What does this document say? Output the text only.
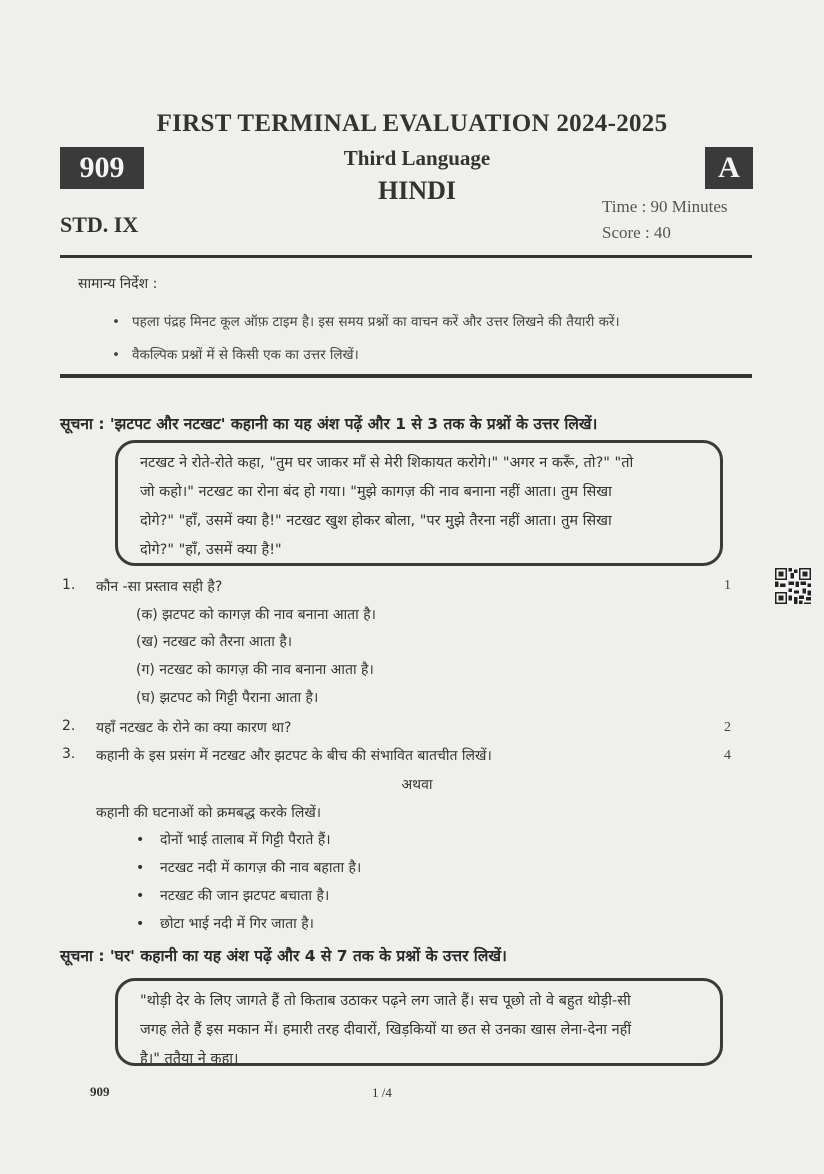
FIRST TERMINAL EVALUATION 2024-2025
909	A
Third Language
HINDI
STD. IX
Time : 90 Minutes
Score : 40
सामान्य निर्देश :
• पहला पंद्रह मिनट कूल ऑफ़ टाइम है। इस समय प्रश्नों का वाचन करें और उत्तर लिखने की तैयारी करें।
• वैकल्पिक प्रश्नों में से किसी एक का उत्तर लिखें।
सूचना : 'झटपट और नटखट' कहानी का यह अंश पढ़ें और 1 से 3 तक के प्रश्नों के उत्तर लिखें।
नटखट ने रोते-रोते कहा, "तुम घर जाकर माँ से मेरी शिकायत करोगे।" "अगर न करूँ, तो?" "तो
जो कहो।" नटखट का रोना बंद हो गया। "मुझे कागज़ की नाव बनाना नहीं आता। तुम सिखा
दोगे?" "हाँ, उसमें क्या है!" नटखट खुश होकर बोला, "पर मुझे तैरना नहीं आता। तुम सिखा
दोगे?" "हाँ, उसमें क्या है!"
1. कौन -सा प्रस्ताव सही है?	1
(क) झटपट को कागज़ की नाव बनाना आता है।
(ख) नटखट को तैरना आता है।
(ग) नटखट को कागज़ की नाव बनाना आता है।
(घ) झटपट को गिट्टी पैराना आता है।
2. यहाँ नटखट के रोने का क्या कारण था?	2
3. कहानी के इस प्रसंग में नटखट और झटपट के बीच की संभावित बातचीत लिखें।	4
अथवा
कहानी की घटनाओं को क्रमबद्ध करके लिखें।
• दोनों भाई तालाब में गिट्टी पैराते हैं।
• नटखट नदी में कागज़ की नाव बहाता है।
• नटखट की जान झटपट बचाता है।
• छोटा भाई नदी में गिर जाता है।
सूचना : 'घर' कहानी का यह अंश पढ़ें और 4 से 7 तक के प्रश्नों के उत्तर लिखें।
"थोड़ी देर के लिए जागते हैं तो किताब उठाकर पढ़ने लग जाते हैं। सच पूछो तो वे बहुत थोड़ी-सी
जगह लेते हैं इस मकान में। हमारी तरह दीवारों, खिड़कियों या छत से उनका खास लेना-देना नहीं
है।" ततैया ने कहा।
909	1 /4
